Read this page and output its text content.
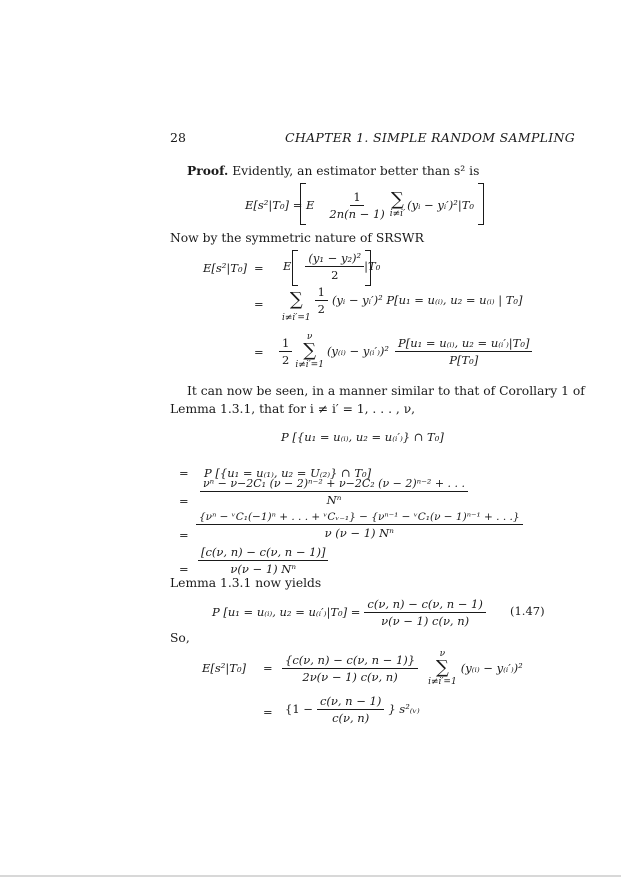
28	CHAPTER 1. SIMPLE RANDOM SAMPLING
Proof. Evidently, an estimator better than s² is
E[s²|T₀] = E $\frac{1}{2n(n - 1)}$ ∑
i≠i′
(yᵢ − yᵢ′)²|T₀
Now by the symmetric nature of SRSWR
E[s²|T₀] = E $\frac{\text{(y₁ − y₂)²}}{2} |T_0$
= ∑
i≠i′=1
$\frac{1}{2}$ (yᵢ − yᵢ′)² P[u₁ = u₍ᵢ₎, u₂ = u₍ᵢ₎ | T₀]
= $\frac{1}{2}$ ν
∑
i≠i′=1
(y₍ᵢ₎ − y₍ᵢ′₎)² $\frac{\text{P[u₁ = u₍ᵢ₎, u₂ = u₍ᵢ′₎|T₀]}}{\text{P[T₀]}}$
It can now be seen, in a manner similar to that of Corollary 1 of
Lemma 1.3.1, that for i ≠ i′ = 1, . . . , ν,
P [{u₁ = u₍ᵢ₎, u₂ = u₍ᵢ′₎} ∩ T₀]
= P [{u₁ = u₍₁₎, u₂ = U₍₂₎} ∩ T₀]
= $\frac{\text{νⁿ − ν−2C₁ (ν − 2)ⁿ⁻² + ν−2C₂ (ν − 2)ⁿ⁻² + . . .}}{\text{Nⁿ}}$
=
{νⁿ − ᵛC₁(−1)ⁿ + . . . + ᵛCᵥ₋₁} − {νⁿ⁻¹ − ᵛC₁(ν − 1)ⁿ⁻¹ + . . .}
ν (ν − 1) Nⁿ
= $\frac{[c(\nu, n) - c(\nu, n - 1)]}{\text{ν(ν − 1) Nⁿ}}$
Lemma 1.3.1 now yields
P [u₁ = u₍ᵢ₎, u₂ = u₍ᵢ′₎|T₀] = $\frac{c(\nu, n) - c(\nu, n - 1)}{\nu(\nu - 1) c(\nu, n)} (1.47)$
So,
$E[s^2|T_0] = \frac{\{c(\nu, n) - c(\nu, n - 1)\}}{2\nu(\nu - 1) c(\nu, n)}$ ν
∑
i≠i′=1
(y₍ᵢ₎ − y₍ᵢ′₎)²
= {$1 - \frac{c(\nu, n - 1)}{c(\nu, n)}$ } s²₍ᵥ₎
